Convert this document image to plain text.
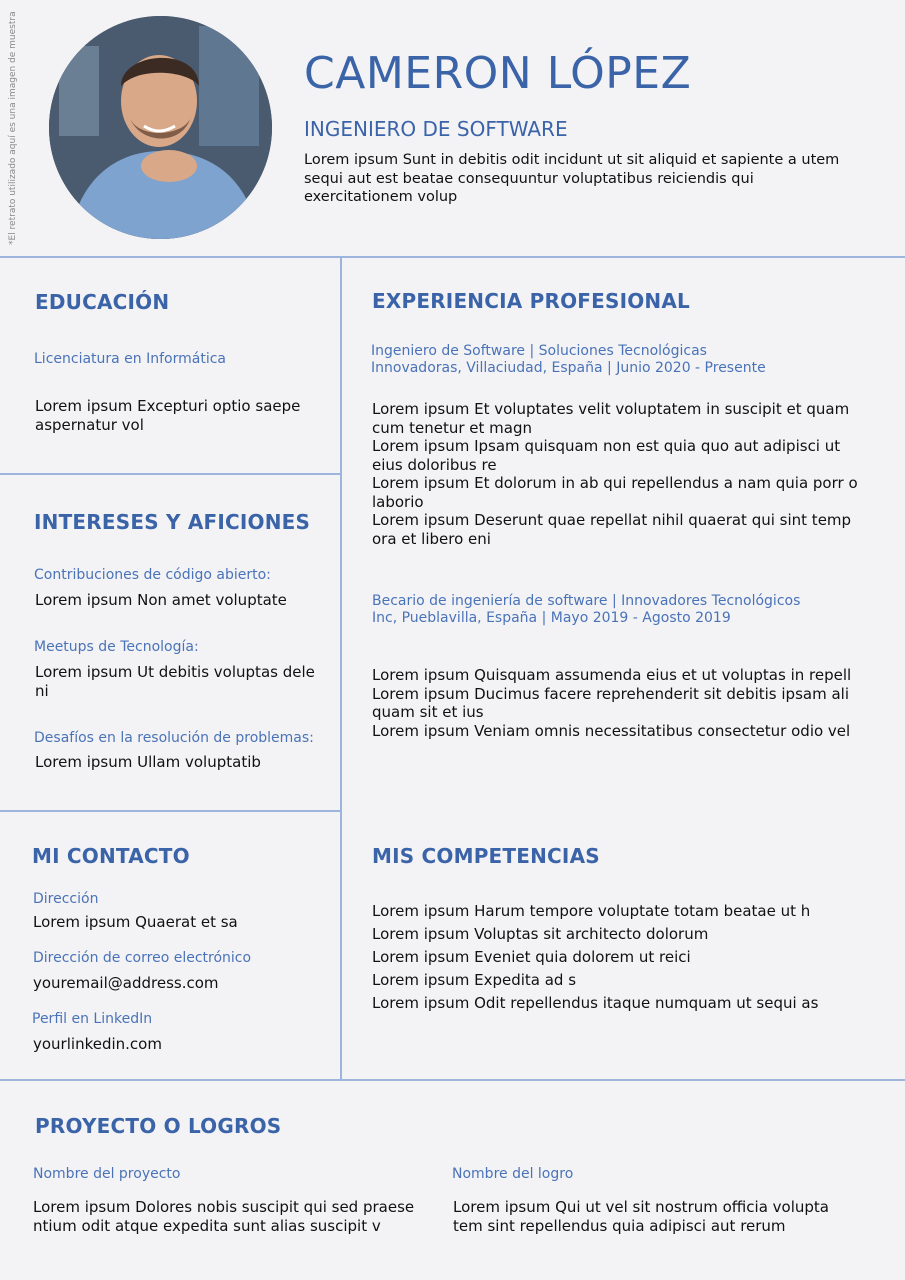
*El retrato utilizado aquí es una imagen de muestra	CAMERON LÓPEZ
INGENIERO DE SOFTWARE
Lorem ipsum Sunt in debitis odit incidunt ut sit aliquid et sapiente a utem sequi aut est beatae consequuntur voluptatibus reiciendis qui exercitationem volup
EDUCACIÓN
Licenciatura en Informática
Lorem ipsum Excepturi optio saepe aspernatur vol
INTERESES Y AFICIONES
Contribuciones de código abierto:
Lorem ipsum Non amet voluptate
Meetups de Tecnología:
Lorem ipsum Ut debitis voluptas dele ni
Desafíos en la resolución de problemas:
Lorem ipsum Ullam voluptatib
MI CONTACTO
Dirección
Lorem ipsum Quaerat et sa
Dirección de correo electrónico
youremail@address.com
Perfil en LinkedIn
yourlinkedin.com
EXPERIENCIA PROFESIONAL
Ingeniero de Software | Soluciones Tecnológicas Innovadoras, Villaciudad, España | Junio 2020 - Presente
Lorem ipsum Et voluptates velit voluptatem in suscipit et quam cum tenetur et magn
Lorem ipsum Ipsam quisquam non est quia quo aut adipisci ut eius doloribus re
Lorem ipsum Et dolorum in ab qui repellendus a nam quia porr o laborio
Lorem ipsum Deserunt quae repellat nihil quaerat qui sint temp ora et libero eni
Becario de ingeniería de software | Innovadores Tecnológicos Inc, Pueblavilla, España | Mayo 2019 - Agosto 2019
Lorem ipsum Quisquam assumenda eius et ut voluptas in repell
Lorem ipsum Ducimus facere reprehenderit sit debitis ipsam ali quam sit et ius
Lorem ipsum Veniam omnis necessitatibus consectetur odio vel
MIS COMPETENCIAS
Lorem ipsum Harum tempore voluptate totam beatae ut h
Lorem ipsum Voluptas sit architecto dolorum
Lorem ipsum Eveniet quia dolorem ut reici
Lorem ipsum Expedita ad s
Lorem ipsum Odit repellendus itaque numquam ut sequi as
PROYECTO O LOGROS
Nombre del proyecto
Lorem ipsum Dolores nobis suscipit qui sed praese ntium odit atque expedita sunt alias suscipit v
Nombre del logro
Lorem ipsum Qui ut vel sit nostrum officia volupta tem sint repellendus quia adipisci aut rerum
